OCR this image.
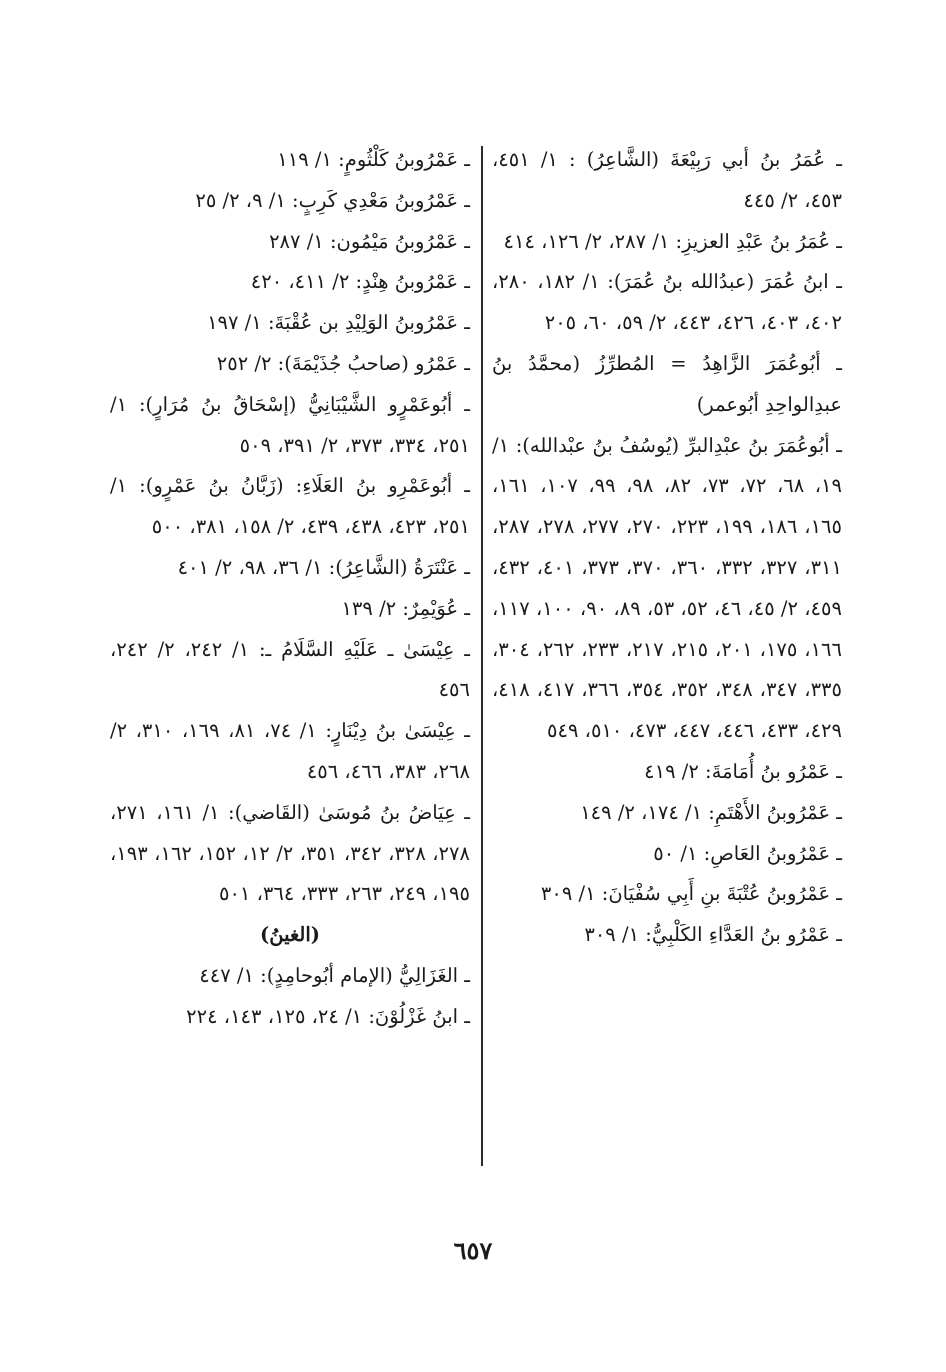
ـ عُمَرُ بنُ أبي رَبِيْعَةَ (الشَّاعِرُ) : ١/ ٤٥١، ٤٥٣، ٢/ ٤٤٥

ـ عُمَرُ بنُ عَبْدِ العزيزِ: ١/ ٢٨٧، ٢/ ١٢٦، ٤١٤

ـ ابنُ عُمَرَ (عبدُالله بنُ عُمَرَ): ١/ ١٨٢، ٢٨٠، ٤٠٢، ٤٠٣، ٤٢٦، ٤٤٣، ٢/ ٥٩، ٦٠، ٢٠٥

ـ أبُوعُمَرَ الزَّاهِدُ = المُطرِّزُ (محمَّدُ بنُ عبدِالواحِدِ أبُوعمر)

ـ أبُوعُمَرَ بنُ عبْدِالبرِّ (يُوسُفُ بنُ عبْدالله): ١/ ١٩، ٦٨، ٧٢، ٧٣، ٨٢، ٩٨، ٩٩، ١٠٧، ١٦١، ١٦٥، ١٨٦، ١٩٩، ٢٢٣، ٢٧٠، ٢٧٧، ٢٧٨، ٢٨٧، ٣١١، ٣٢٧، ٣٣٢، ٣٦٠، ٣٧٠، ٣٧٣، ٤٠١، ٤٣٢، ٤٥٩، ٢/ ٤٥، ٤٦، ٥٢، ٥٣، ٨٩، ٩٠، ١٠٠، ١١٧، ١٦٦، ١٧٥، ٢٠١، ٢١٥، ٢١٧، ٢٣٣، ٢٦٢، ٣٠٤، ٣٣٥، ٣٤٧، ٣٤٨، ٣٥٢، ٣٥٤، ٣٦٦، ٤١٧، ٤١٨، ٤٢٩، ٤٣٣، ٤٤٦، ٤٤٧، ٤٧٣، ٥١٠، ٥٤٩

ـ عَمْرُو بنُ أُمَامَةَ: ٢/ ٤١٩

ـ عَمْرُوبنُ الأَهْتَمِ: ١/ ١٧٤، ٢/ ١٤٩

ـ عَمْرُوبنُ العَاصِ: ١/ ٥٠

ـ عَمْرُوبنُ عُتْبَةَ بنِ أَبِي سُفْيَانَ: ١/ ٣٠٩

ـ عَمْرُو بنُ العَدَّاءِ الكَلْبِيُّ: ١/ ٣٠٩

ـ عَمْرُوبنُ كَلْثُومٍ: ١/ ١١٩

ـ عَمْرُوبنُ مَعْدِي كَرِبٍ: ١/ ٩، ٢/ ٢٥

ـ عَمْرُوبنُ مَيْمُون: ١/ ٢٨٧

ـ عَمْرُوبنُ هِنْدٍ: ٢/ ٤١١، ٤٢٠

ـ عَمْرُوبنُ الوَلِيْدِ بن عُقْبَةَ: ١/ ١٩٧

ـ عَمْرُو (صاحبُ جُذَيْمَةَ): ٢/ ٢٥٢

ـ أبُوعَمْرٍو الشَّيْبَانِيُّ (إسْحَاقُ بنُ مُرَارٍ): ١/ ٢٥١، ٣٣٤، ٣٧٣، ٢/ ٣٩١، ٥٠٩

ـ أبُوعَمْرِو بنُ العَلَاءِ: (زَبَّانُ بنُ عَمْرٍو): ١/ ٢٥١، ٤٢٣، ٤٣٨، ٤٣٩، ٢/ ١٥٨، ٣٨١، ٥٠٠

ـ عَنْتَرَةُ (الشَّاعِرُ): ١/ ٣٦، ٩٨، ٢/ ٤٠١

ـ عُوَيْمِرٌ: ٢/ ١٣٩

ـ عِيْسَىٰ ـ عَلَيْهِ السَّلَامُ ـ: ١/ ٢٤٢، ٢/ ٢٤٢، ٤٥٦

ـ عِيْسَىٰ بنُ دِيْنَارٍ: ١/ ٧٤، ٨١، ١٦٩، ٣١٠، ٢/ ٢٦٨، ٣٨٣، ٤٦٦، ٤٥٦

ـ عِيَاضُ بنُ مُوسَىٰ (القَاضي): ١/ ١٦١، ٢٧١، ٢٧٨، ٣٢٨، ٣٤٢، ٣٥١، ٢/ ١٢، ١٥٢، ١٦٢، ١٩٣، ١٩٥، ٢٤٩، ٢٦٣، ٣٣٣، ٣٦٤، ٥٠١

(الغينُ)

ـ الغَزَالِيُّ (الإمام أبُوحامِدٍ): ١/ ٤٤٧

ـ ابنُ غَزْلُوْنَ: ١/ ٢٤، ١٢٥، ١٤٣، ٢٢٤

٦٥٧
